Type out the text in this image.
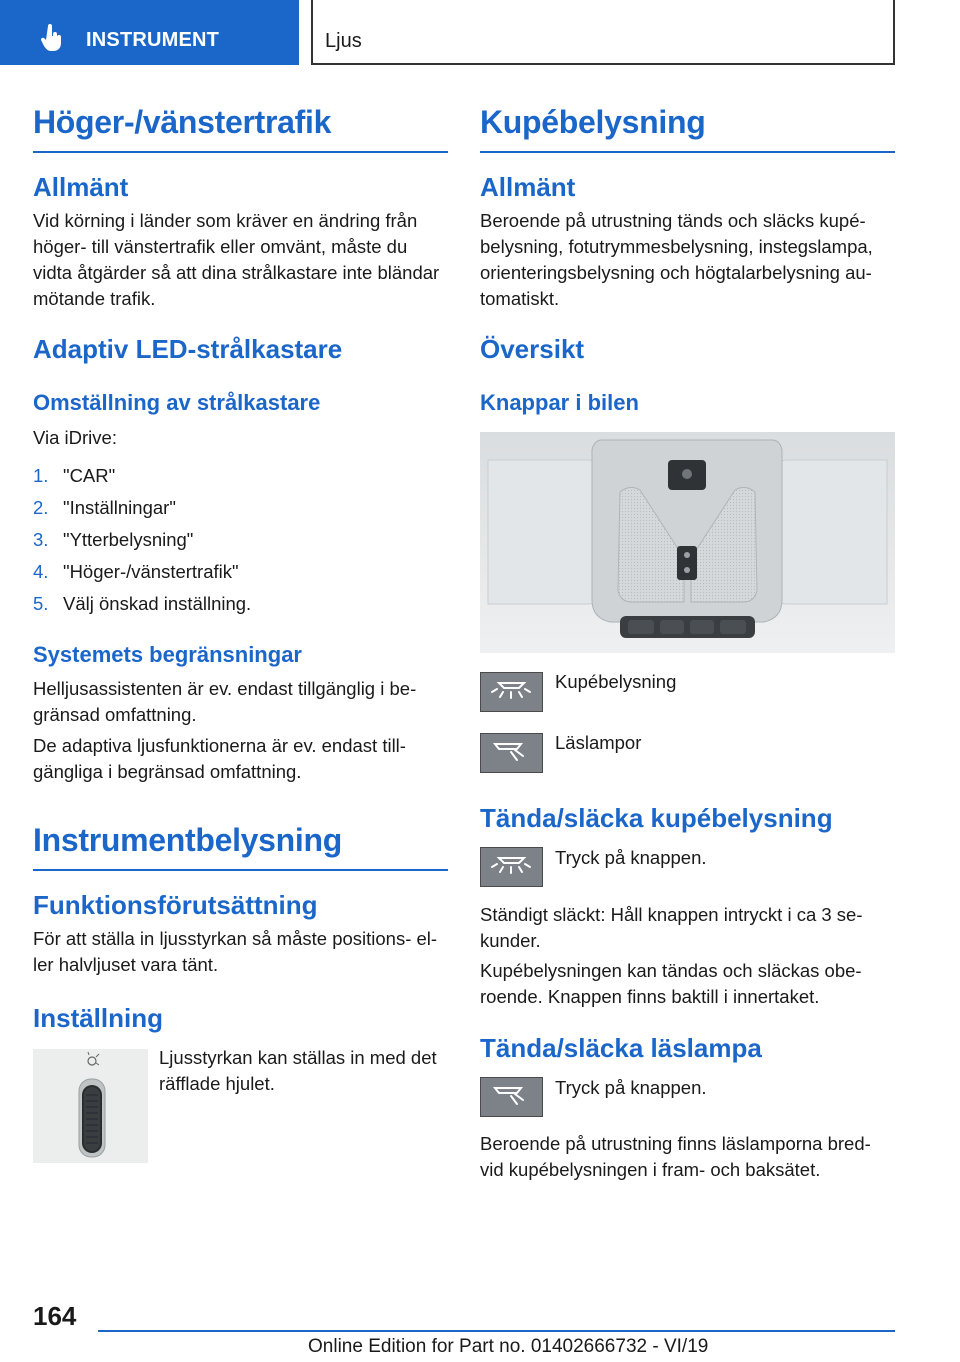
INSTRUMENT	Ljus
Höger-/vänstertrafik
Allmänt
Vid körning i länder som kräver en ändring från
höger- till vänstertrafik eller omvänt, måste du
vidta åtgärder så att dina strålkastare inte bländar
mötande trafik.
Adaptiv LED-strålkastare
Omställning av strålkastare
Via iDrive:
1. "CAR"
2. "Inställningar"
3. "Ytterbelysning"
4. "Höger-/vänstertrafik"
5. Välj önskad inställning.
Systemets begränsningar
Helljusassistenten är ev. endast tillgänglig i be-
gränsad omfattning.
De adaptiva ljusfunktionerna är ev. endast till-
gängliga i begränsad omfattning.
Instrumentbelysning
Funktionsförutsättning
För att ställa in ljusstyrkan så måste positions- el-
ler halvljuset vara tänt.
Inställning
Ljusstyrkan kan ställas in med det
räfflade hjulet.
Kupébelysning
Allmänt
Beroende på utrustning tänds och släcks kupé-
belysning, fotutrymmesbelysning, instegslampa,
orienteringsbelysning och högtalarbelysning au-
tomatiskt.
Översikt
Knappar i bilen
Kupébelysning
Läslampor
Tända/släcka kupébelysning
Tryck på knappen.
Ständigt släckt: Håll knappen intryckt i ca 3 se-
kunder.
Kupébelysningen kan tändas och släckas obe-
roende. Knappen finns baktill i innertaket.
Tända/släcka läslampa
Tryck på knappen.
Beroende på utrustning finns läslamporna bred-
vid kupébelysningen i fram- och baksätet.
164
Online Edition for Part no. 01402666732 - VI/19
